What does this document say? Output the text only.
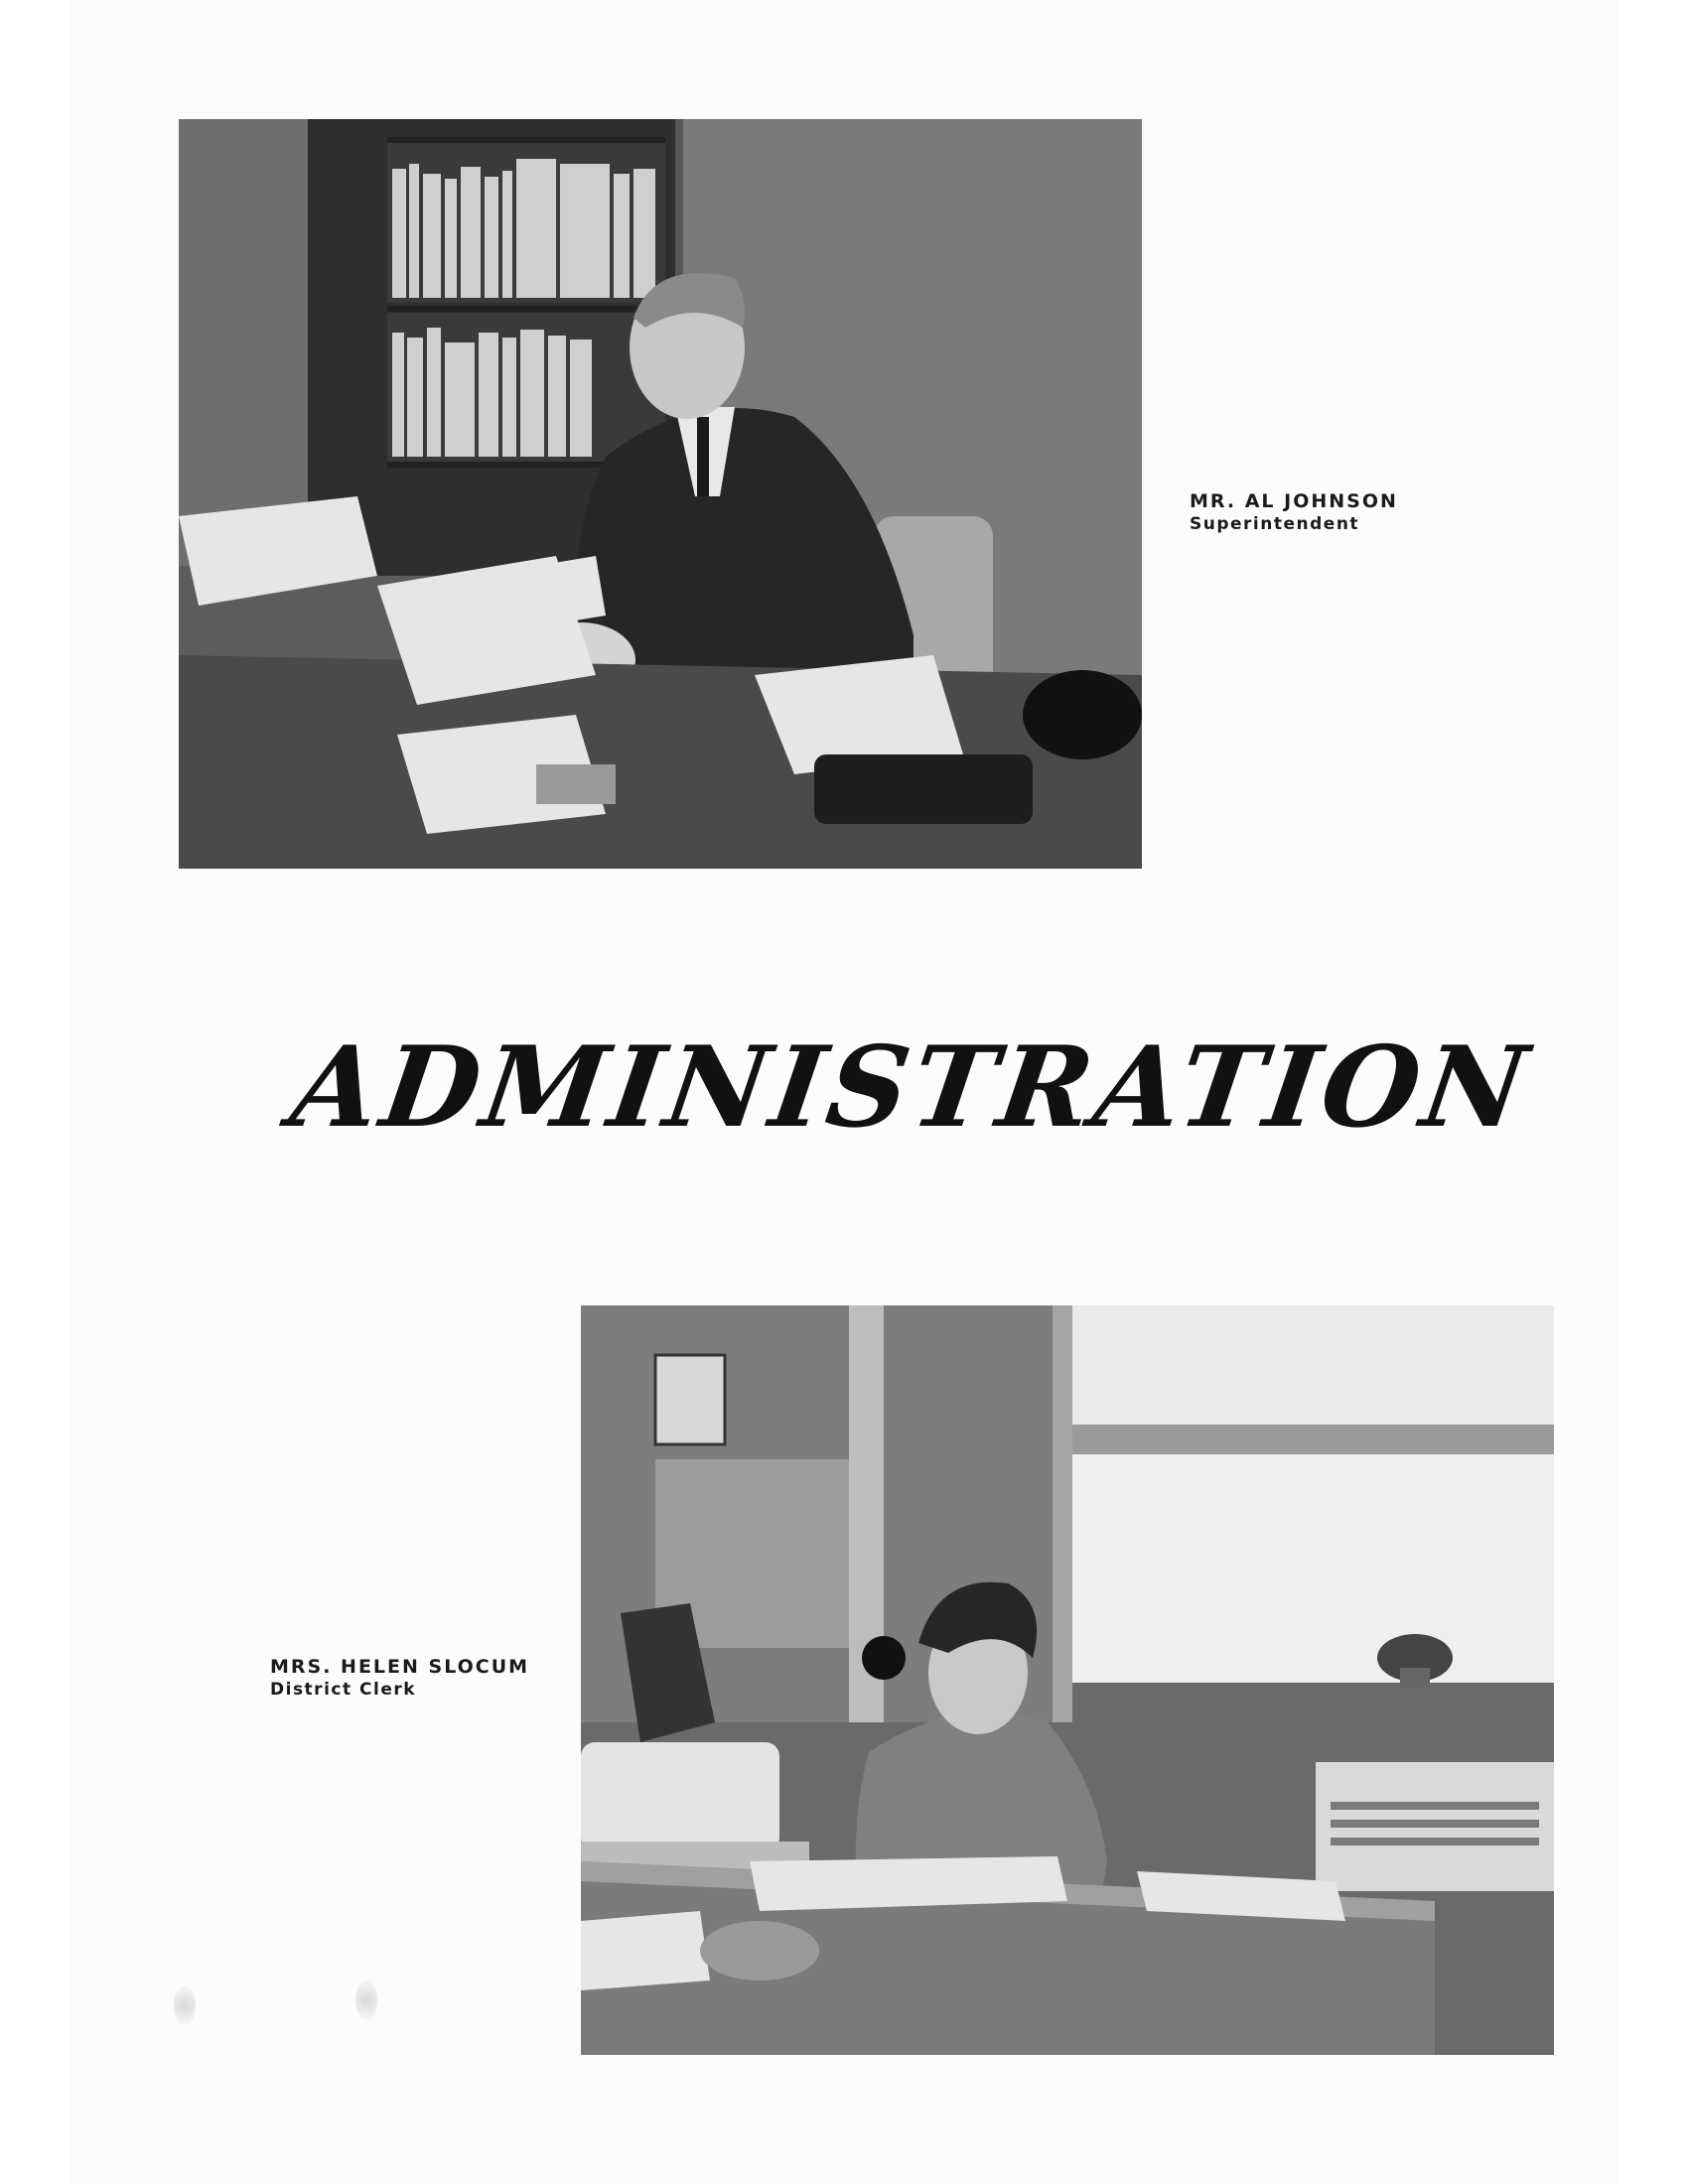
MR. AL JOHNSON
Superintendent
ADMINISTRATION
MRS. HELEN SLOCUM
District Clerk
